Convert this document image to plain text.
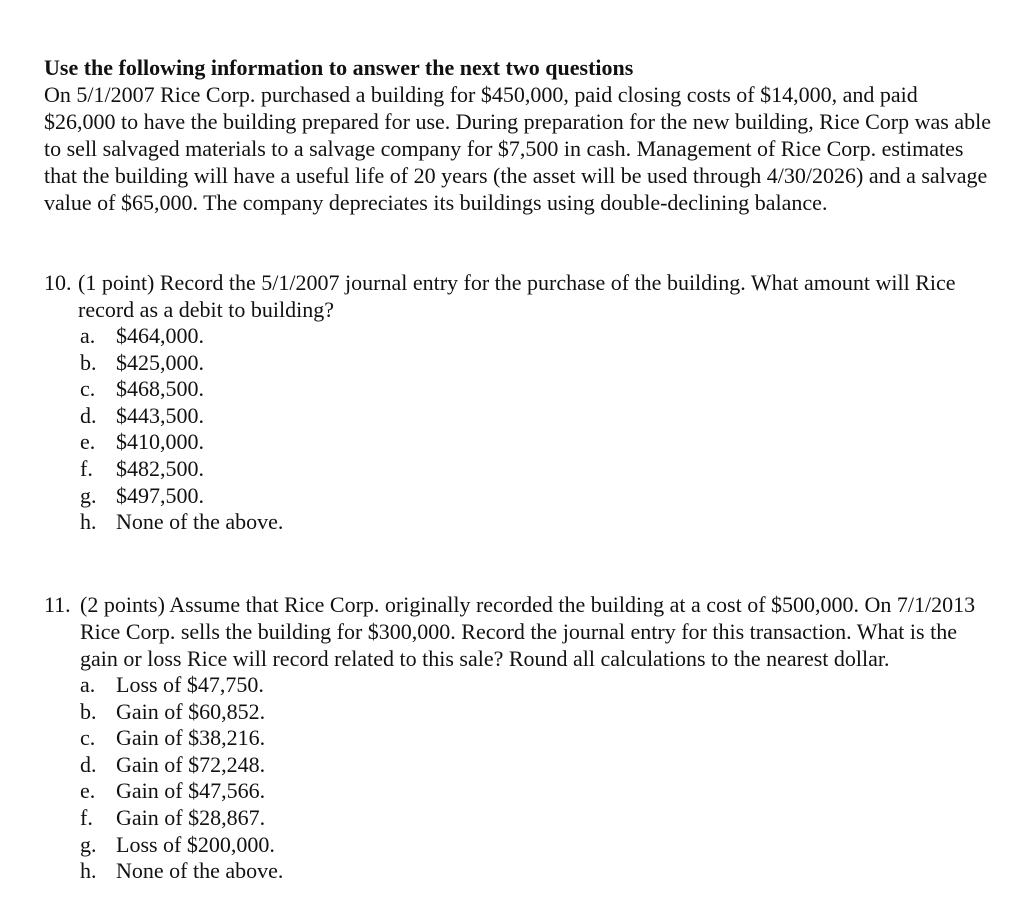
Use the following information to answer the next two questions

On 5/1/2007 Rice Corp. purchased a building for $450,000, paid closing costs of $14,000, and paid $26,000 to have the building prepared for use. During preparation for the new building, Rice Corp was able to sell salvaged materials to a salvage company for $7,500 in cash. Management of Rice Corp. estimates that the building will have a useful life of 20 years (the asset will be used through 4/30/2026) and a salvage value of $65,000. The company depreciates its buildings using double-declining balance.

10. (1 point) Record the 5/1/2007 journal entry for the purchase of the building. What amount will Rice record as a debit to building?
a. $464,000.
b. $425,000.
c. $468,500.
d. $443,500.
e. $410,000.
f.	$482,500.
g. $497,500.
h. None of the above.
11. (2 points) Assume that Rice Corp. originally recorded the building at a cost of $500,000. On 7/1/2013 Rice Corp. sells the building for $300,000. Record the journal entry for this transaction. What is the gain or loss Rice will record related to this sale? Round all calculations to the nearest dollar.
a. Loss of $47,750.
b. Gain of $60,852.
c. Gain of $38,216.
d. Gain of $72,248.
e. Gain of $47,566.
f.	Gain of $28,867.
g. Loss of $200,000.
h. None of the above.
